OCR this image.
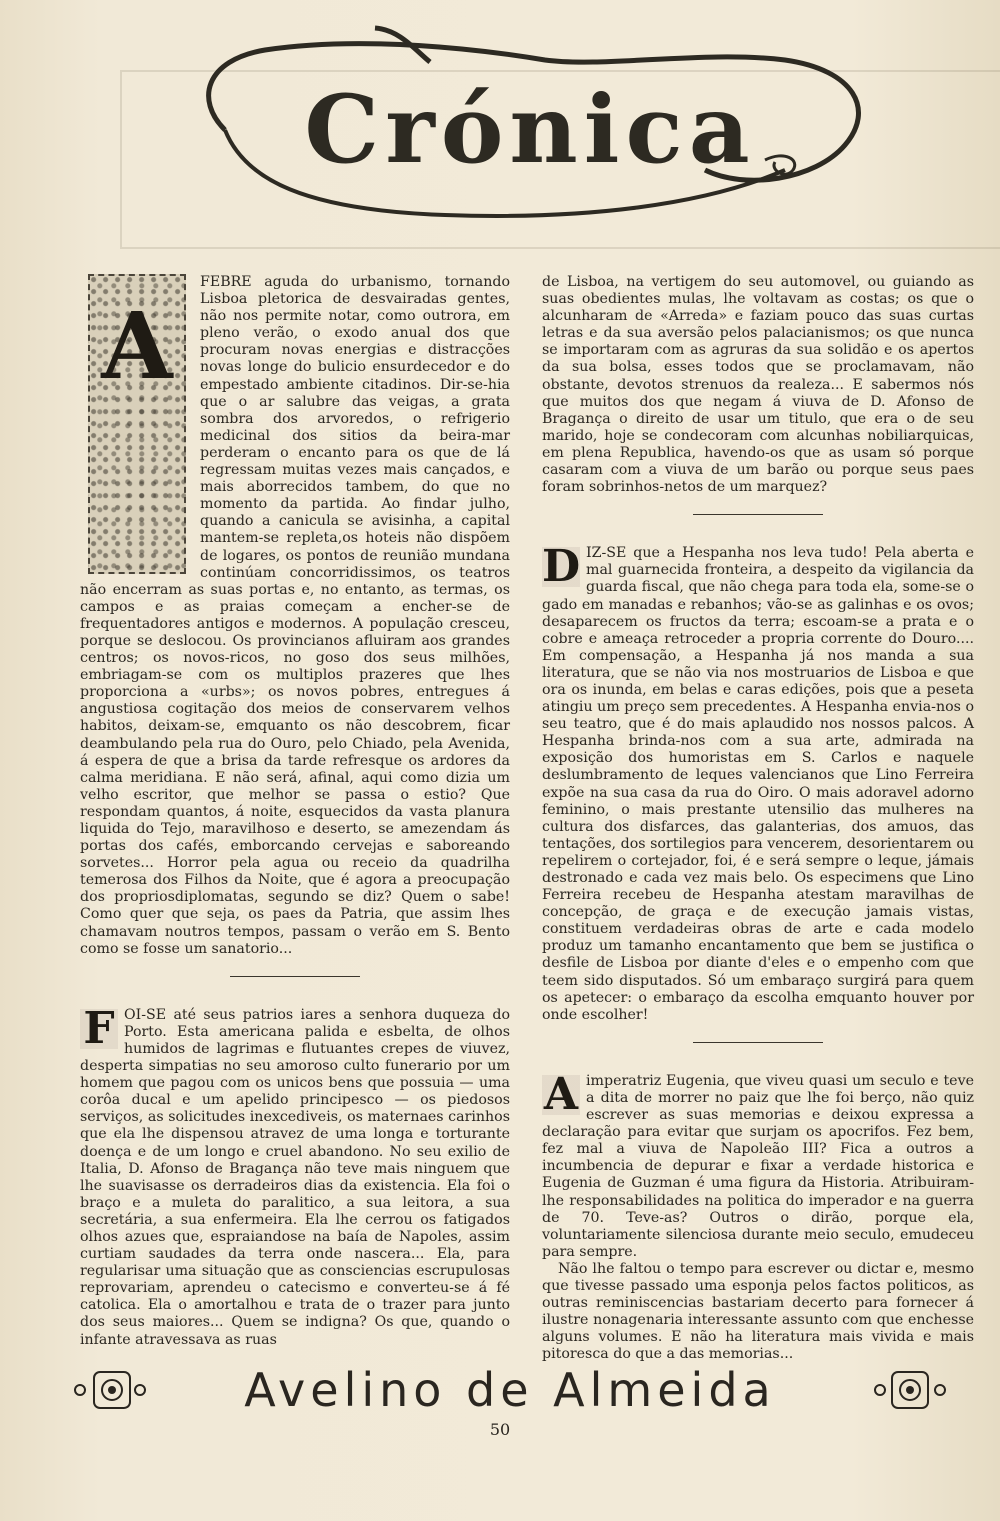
Crónica

A
FEBRE aguda do urbanismo, tornando Lisboa pletorica de desvairadas gentes, não nos permite notar, como outrora, em pleno verão, o exodo anual dos que procuram novas energias e distracções novas longe do bulicio ensurdecedor e do empestado ambiente citadinos. Dir-se-hia que o ar salubre das veigas, a grata sombra dos arvoredos, o refrigerio medicinal dos sitios da beira-mar perderam o encanto para os que de lá regressam muitas vezes mais cançados, e mais aborrecidos tambem, do que no momento da partida. Ao findar julho, quando a canicula se avisinha, a capital mantem-se repleta,os hoteis não dispõem de logares, os pontos de reunião mundana continúam concorridissimos, os teatros não encerram as suas portas e, no entanto, as termas, os campos e as praias começam a encher-se de frequentadores antigos e modernos. A população cresceu, porque se deslocou. Os provincianos afluiram aos grandes centros; os novos-ricos, no goso dos seus milhões, embriagam-se com os multiplos prazeres que lhes proporciona a «urbs»; os novos pobres, entregues á angustiosa cogitação dos meios de conservarem velhos habitos, deixam-se, emquanto os não descobrem, ficar deambulando pela rua do Ouro, pelo Chiado, pela Avenida, á espera de que a brisa da tarde refresque os ardores da calma meridiana. E não será, afinal, aqui como dizia um velho escritor, que melhor se passa o estio? Que respondam quantos, á noite, esquecidos da vasta planura liquida do Tejo, maravilhoso e deserto, se amezendam ás portas dos cafés, emborcando cervejas e saboreando sorvetes... Horror pela agua ou receio da quadrilha temerosa dos Filhos da Noite, que é agora a preocupação dos propriosdiplomatas, segundo se diz? Quem o sabe! Como quer que seja, os paes da Patria, que assim lhes chamavam noutros tempos, passam o verão em S. Bento como se fosse um sanatorio...

F OI-SE até seus patrios iares a senhora duqueza do Porto. Esta americana palida e esbelta, de olhos humidos de lagrimas e flutuantes crepes de viuvez, desperta simpatias no seu amoroso culto funerario por um homem que pagou com os unicos bens que possuia — uma corôa ducal e um apelido principesco — os piedosos serviços, as solicitudes inexcediveis, os maternaes carinhos que ela lhe dispensou atravez de uma longa e torturante doença e de um longo e cruel abandono. No seu exilio de Italia, D. Afonso de Bragança não teve mais ninguem que lhe suavisasse os derradeiros dias da existencia. Ela foi o braço e a muleta do paralitico, a sua leitora, a sua secretária, a sua enfermeira. Ela lhe cerrou os fatigados olhos azues que, espraiandose na baía de Napoles, assim curtiam saudades da terra onde nascera... Ela, para regularisar uma situação que as consciencias escrupulosas reprovariam, aprendeu o catecismo e converteu-se á fé catolica. Ela o amortalhou e trata de o trazer para junto dos seus maiores... Quem se indigna? Os que, quando o infante atravessava as ruas

de Lisboa, na vertigem do seu automovel, ou guiando as suas obedientes mulas, lhe voltavam as costas; os que o alcunharam de «Arreda» e faziam pouco das suas curtas letras e da sua aversão pelos palacianismos; os que nunca se importaram com as agruras da sua solidão e os apertos da sua bolsa, esses todos que se proclamavam, não obstante, devotos strenuos da realeza... E sabermos nós que muitos dos que negam á viuva de D. Afonso de Bragança o direito de usar um titulo, que era o de seu marido, hoje se condecoram com alcunhas nobiliarquicas, em plena Republica, havendo-os que as usam só porque casaram com a viuva de um barão ou porque seus paes foram sobrinhos-netos de um marquez?

D IZ-SE que a Hespanha nos leva tudo! Pela aberta e mal guarnecida fronteira, a despeito da vigilancia da guarda fiscal, que não chega para toda ela, some-se o gado em manadas e rebanhos; vão-se as galinhas e os ovos; desaparecem os fructos da terra; escoam-se a prata e o cobre e ameaça retroceder a propria corrente do Douro.... Em compensação, a Hespanha já nos manda a sua literatura, que se não via nos mostruarios de Lisboa e que ora os inunda, em belas e caras edições, pois que a peseta atingiu um preço sem precedentes. A Hespanha envia-nos o seu teatro, que é do mais aplaudido nos nossos palcos. A Hespanha brinda-nos com a sua arte, admirada na exposição dos humoristas em S. Carlos e naquele deslumbramento de leques valencianos que Lino Ferreira expõe na sua casa da rua do Oiro. O mais adoravel adorno feminino, o mais prestante utensilio das mulheres na cultura dos disfarces, das galanterias, dos amuos, das tentações, dos sortilegios para vencerem, desorientarem ou repelirem o cortejador, foi, é e será sempre o leque, jámais destronado e cada vez mais belo. Os especimens que Lino Ferreira recebeu de Hespanha atestam maravilhas de concepção, de graça e de execução jamais vistas, constituem verdadeiras obras de arte e cada modelo produz um tamanho encantamento que bem se justifica o desfile de Lisboa por diante d'eles e o empenho com que teem sido disputados. Só um embaraço surgirá para quem os apetecer: o embaraço da escolha emquanto houver por onde escolher!

A imperatriz Eugenia, que viveu quasi um seculo e teve a dita de morrer no paiz que lhe foi berço, não quiz escrever as suas memorias e deixou expressa a declaração para evitar que surjam os apocrifos. Fez bem, fez mal a viuva de Napoleão III? Fica a outros a incumbencia de depurar e fixar a verdade historica e Eugenia de Guzman é uma figura da Historia. Atribuiram-lhe responsabilidades na politica do imperador e na guerra de 70. Teve-as? Outros o dirão, porque ela, voluntariamente silenciosa durante meio seculo, emudeceu para sempre.

Não lhe faltou o tempo para escrever ou dictar e, mesmo que tivesse passado uma esponja pelos factos politicos, as outras reminiscencias bastariam decerto para fornecer á ilustre nonagenaria interessante assunto com que enchesse alguns volumes. E não ha literatura mais vivida e mais pitoresca do que a das memorias...

Avelino de Almeida
50
